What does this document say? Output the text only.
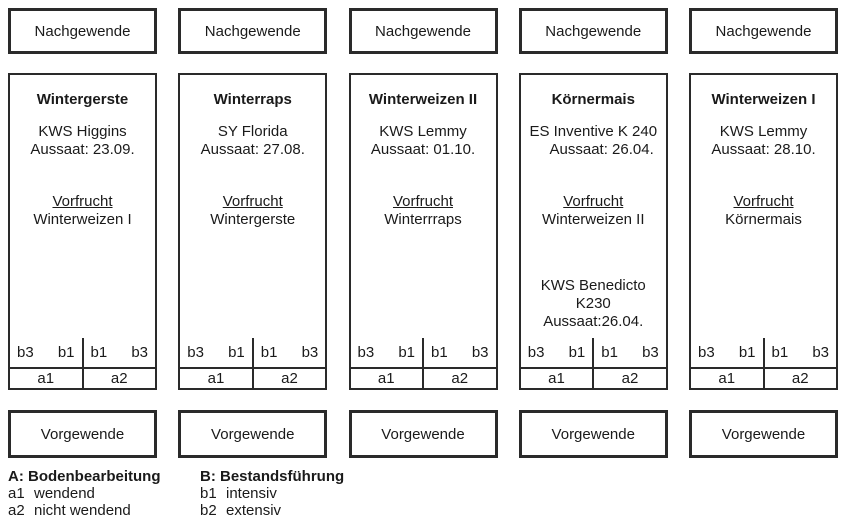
Nachgewende
Wintergerste
KWS Higgins
Aussaat: 23.09.
Vorfrucht
Winterweizen I
b3 b1 b1 b3
a1	a2
Vorgewende
Nachgewende
Winterraps
SY Florida
Aussaat: 27.08.
Vorfrucht
Wintergerste
b3 b1 b1 b3
a1	a2
Vorgewende
Nachgewende
Winterweizen II
KWS Lemmy
Aussaat: 01.10.
Vorfrucht
Winterrraps
b3 b1 b1 b3
a1	a2
Vorgewende
Nachgewende
Körnermais
ES Inventive K 240
Aussaat: 26.04.
Vorfrucht
Winterweizen II
KWS Benedicto
K230
Aussaat:26.04.
b3 b1 b1 b3
a1	a2
Vorgewende
Nachgewende
Winterweizen I
KWS Lemmy
Aussaat: 28.10.
Vorfrucht
Körnermais
b3 b1 b1 b3
a1	a2
Vorgewende
A: Bodenbearbeitung
a1 wendend
a2 nicht wendend
B: Bestandsführung
b1 intensiv
b2 extensiv
